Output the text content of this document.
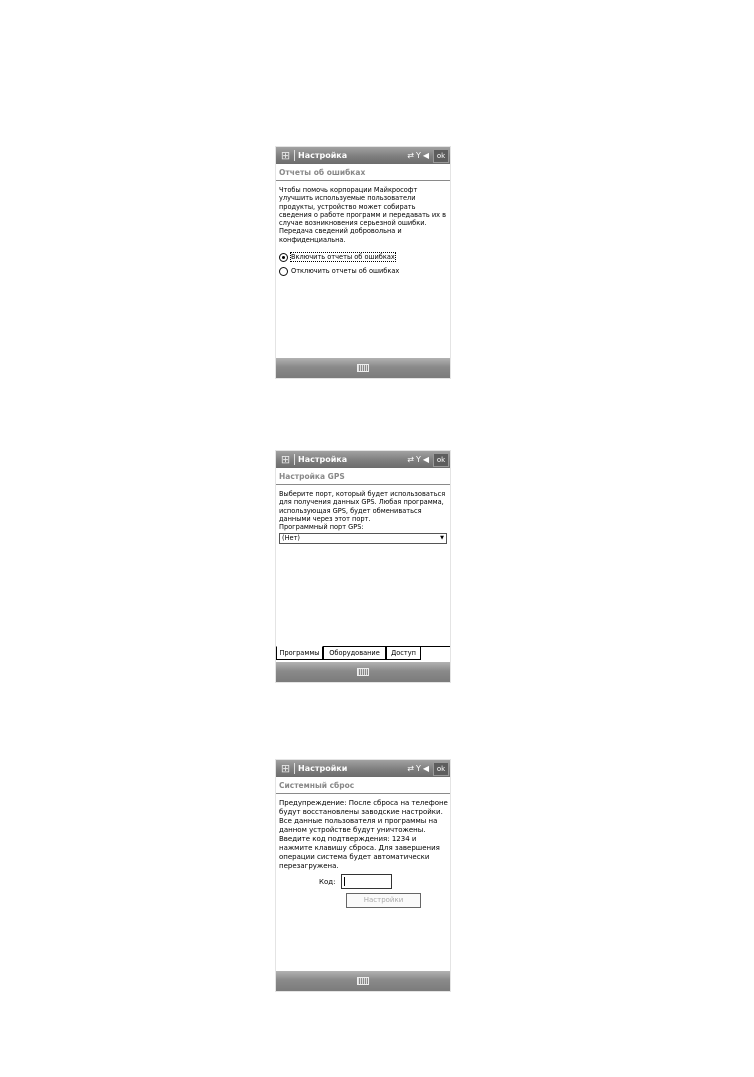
⊞ Настройка	⇄Y◀ ok
Отчеты об ошибках

Чтобы помочь корпорации Майкрософт улучшить используемые пользователи продукты, устройство может собирать сведения о работе программ и передавать их в случае возникновения серьезной ошибки. Передача сведений добровольна и конфиденциальна.

Включить отчеты об ошибках
Отключить отчеты об ошибках
⊞ Настройка	⇄Y◀ ok
Настройка GPS

Выберите порт, который будет использоваться для получения данных GPS. Любая программа, использующая GPS, будет обмениваться данными через этот порт.

Программный порт GPS:

(Нет)	▼
Программы	Оборудование	Доступ
⊞ Настройки	⇄Y◀ ok
Системный сброс

Предупреждение: После сброса на телефоне будут восстановлены заводские настройки. Все данные пользователя и программы на данном устройстве будут уничтожены. Введите код подтверждения: 1234 и нажмите клавишу сброса. Для завершения операции система будет автоматически перезагружена.

Код:
Настройки
